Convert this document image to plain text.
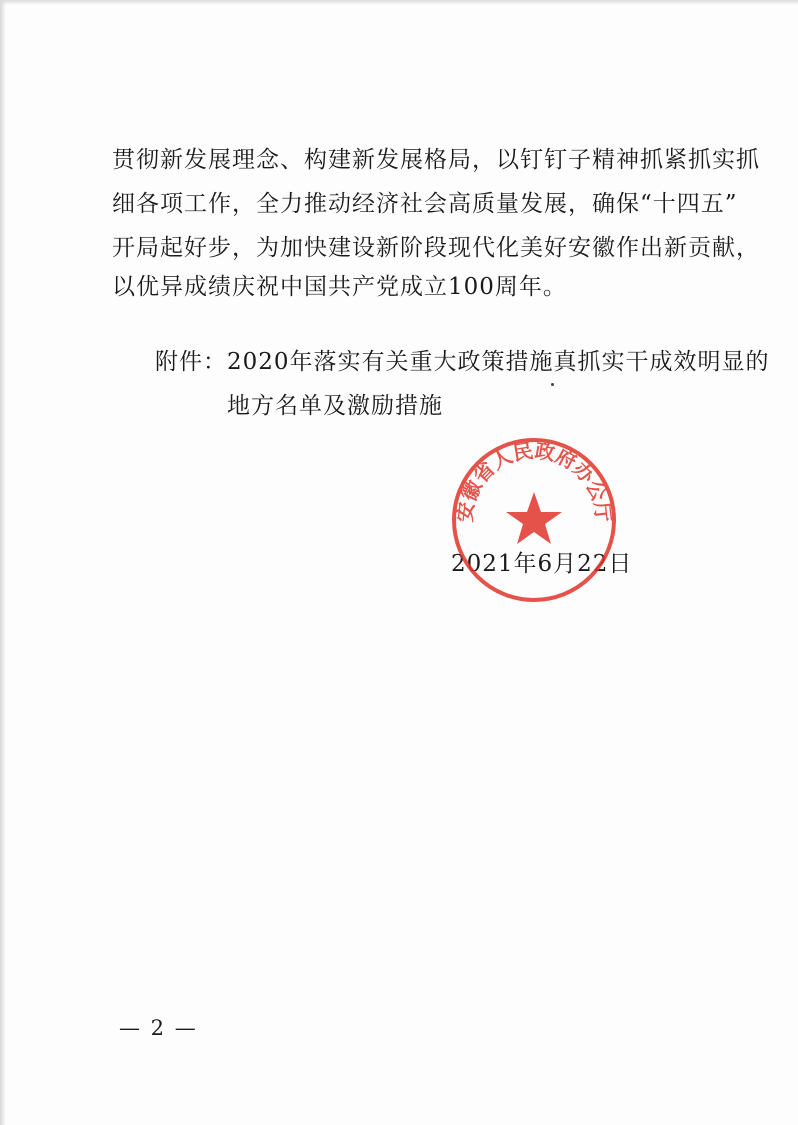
贯彻新发展理念、构建新发展格局，以钉钉子精神抓紧抓实抓
细各项工作，全力推动经济社会高质量发展，确保“十四五”
开局起好步，为加快建设新阶段现代化美好安徽作出新贡献，
以优异成绩庆祝中国共产党成立100周年。
附件： 2020年落实有关重大政策措施真抓实干成效明显的
地方名单及激励措施
2021年6月22日
安徽省人民政府办公厅
— 2 —
